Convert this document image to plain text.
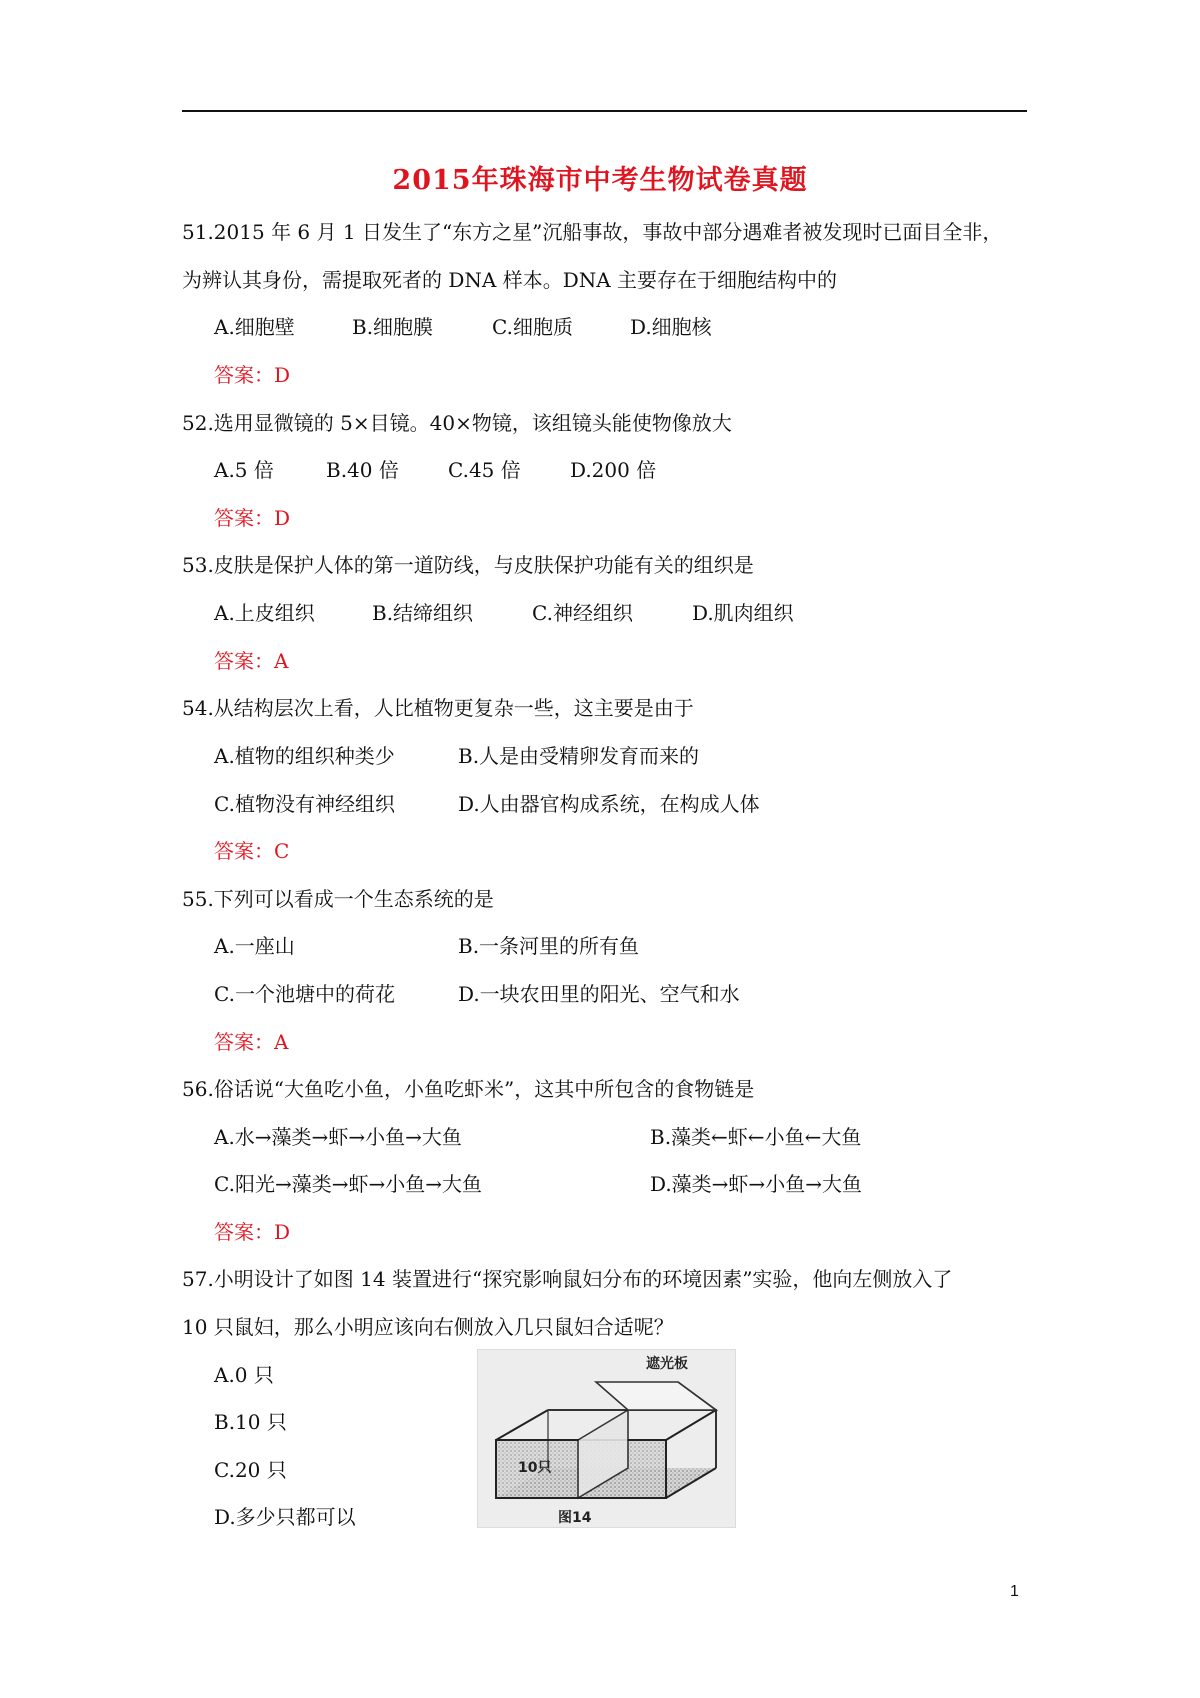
2015年珠海市中考生物试卷真题
51.2015 年 6 月 1 日发生了“东方之星”沉船事故，事故中部分遇难者被发现时已面目全非，
为辨认其身份，需提取死者的 DNA 样本。DNA 主要存在于细胞结构中的
A.细胞壁	B.细胞膜	C.细胞质	D.细胞核
答案：D
52.选用显微镜的 5×目镜。40×物镜，该组镜头能使物像放大
A.5 倍	B.40 倍 C.45 倍 D.200 倍
答案：D
53.皮肤是保护人体的第一道防线，与皮肤保护功能有关的组织是
A.上皮组织	B.结缔组织	C.神经组织	D.肌肉组织
答案：A
54.从结构层次上看，人比植物更复杂一些，这主要是由于
A.植物的组织种类少	B.人是由受精卵发育而来的
C.植物没有神经组织	D.人由器官构成系统，在构成人体
答案：C
55.下列可以看成一个生态系统的是
A.一座山	B.一条河里的所有鱼
C.一个池塘中的荷花	D.一块农田里的阳光、空气和水
答案：A
56.俗话说“大鱼吃小鱼，小鱼吃虾米”，这其中所包含的食物链是
A.水→藻类→虾→小鱼→大鱼	B.藻类←虾←小鱼←大鱼
C.阳光→藻类→虾→小鱼→大鱼	D.藻类→虾→小鱼→大鱼
答案：D
57.小明设计了如图 14 装置进行“探究影响鼠妇分布的环境因素”实验，他向左侧放入了
10 只鼠妇，那么小明应该向右侧放入几只鼠妇合适呢？
A.0 只
B.10 只
C.20 只
D.多少只都可以
遮光板
10只
图14
1
